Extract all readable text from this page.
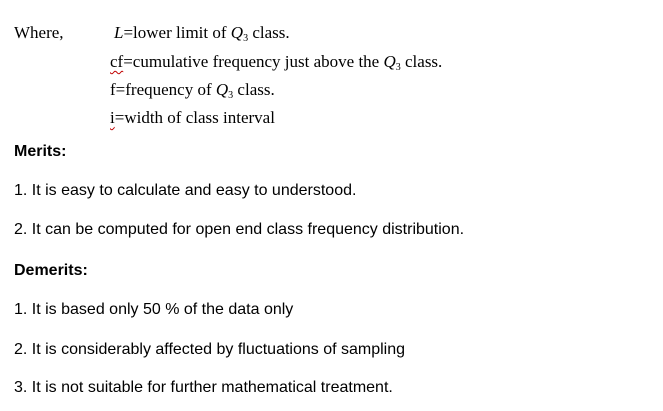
Where,	L=lower limit of $Q_3$ class.
cf=cumulative frequency just above the $Q_3$ class.
f=frequency of $Q_3$ class.
i=width of class interval
Merits:
1. It is easy to calculate and easy to understood.
2. It can be computed for open end class frequency distribution.
Demerits:
1. It is based only 50 % of the data only
2. It is considerably affected by fluctuations of sampling
3. It is not suitable for further mathematical treatment.
